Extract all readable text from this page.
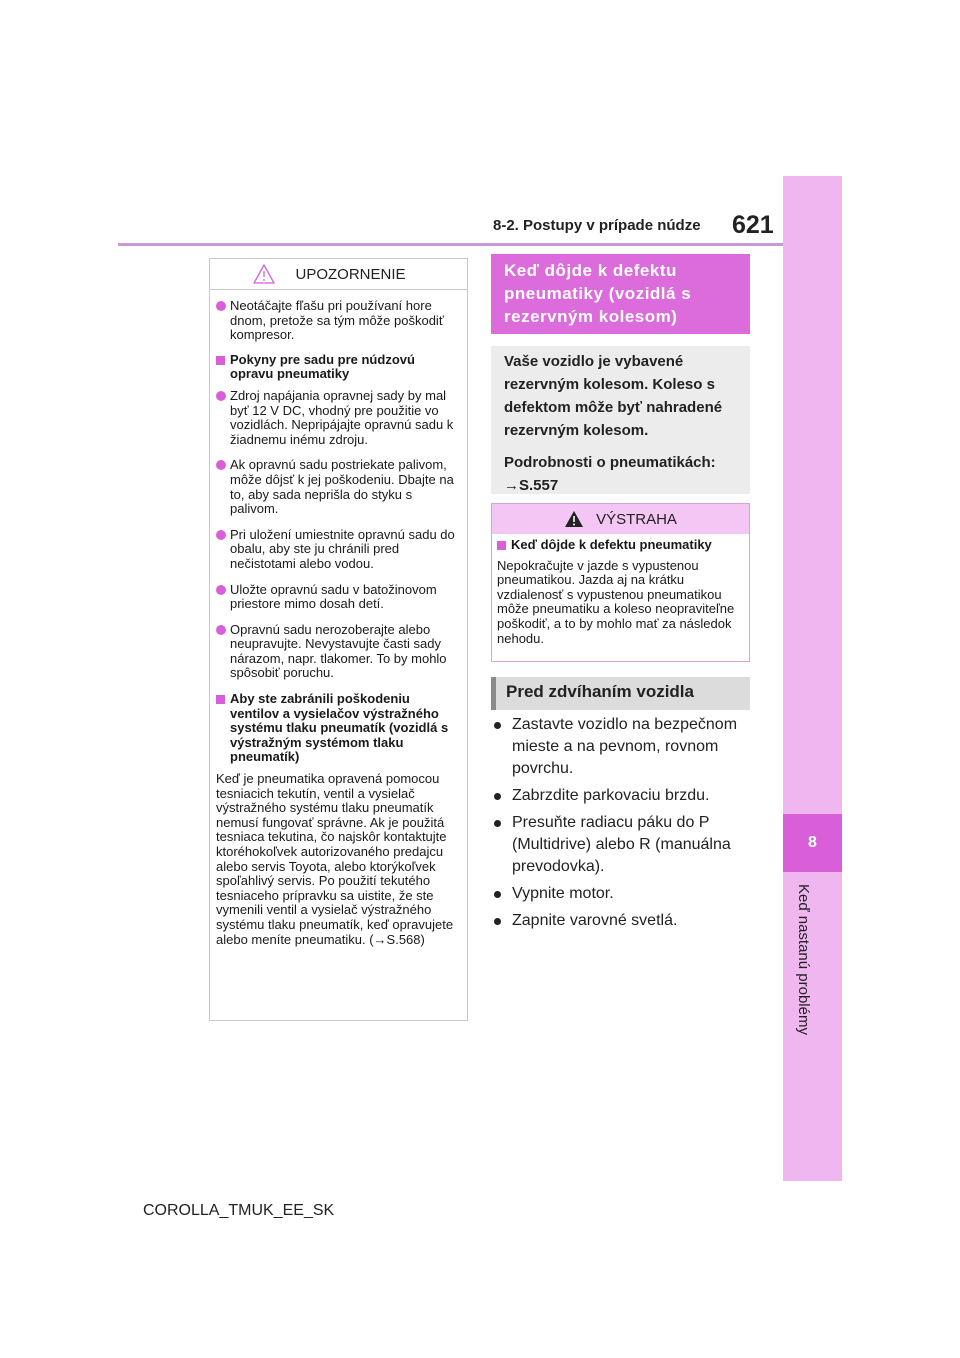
8
Keď nastanú problémy
8-2. Postupy v prípade núdze 621
UPOZORNENIE
Neotáčajte fľašu pri používaní hore dnom, pretože sa tým môže poškodiť kompresor.
Pokyny pre sadu pre núdzovú opravu pneumatiky
Zdroj napájania opravnej sady by mal byť 12 V DC, vhodný pre použitie vo vozidlách. Nepripájajte opravnú sadu k žiadnemu inému zdroju.
Ak opravnú sadu postriekate palivom, môže dôjsť k jej poškodeniu. Dbajte na to, aby sada neprišla do styku s palivom.
Pri uložení umiestnite opravnú sadu do obalu, aby ste ju chránili pred nečistotami alebo vodou.
Uložte opravnú sadu v batožinovom priestore mimo dosah detí.
Opravnú sadu nerozoberajte alebo neupravujte. Nevystavujte časti sady nárazom, napr. tlakomer. To by mohlo spôsobiť poruchu.
Aby ste zabránili poškodeniu ventilov a vysielačov výstražného systému tlaku pneumatík (vozidlá s výstražným systémom tlaku pneumatík)

Keď je pneumatika opravená pomocou tesniacich tekutín, ventil a vysielač výstražného systému tlaku pneumatík nemusí fungovať správne. Ak je použitá tesniaca tekutina, čo najskôr kontaktujte ktoréhokoľvek autorizovaného predajcu alebo servis Toyota, alebo ktorýkoľvek spoľahlivý servis. Po použití tekutého tesniaceho prípravku sa uistite, že ste vymenili ventil a vysielač výstražného systému tlaku pneumatík, keď opravujete alebo meníte pneumatiku. (→S.568)

Keď dôjde k defektu pneumatiky (vozidlá s rezervným kolesom)

Vaše vozidlo je vybavené rezervným kolesom. Koleso s defektom môže byť nahradené rezervným kolesom.

Podrobnosti o pneumatikách:

→S.557

VÝSTRAHA
Keď dôjde k defektu pneumatiky

Nepokračujte v jazde s vypustenou pneumatikou. Jazda aj na krátku vzdialenosť s vypustenou pneumatikou môže pneumatiku a koleso neopraviteľne poškodiť, a to by mohlo mať za následok nehodu.

Pred zdvíhaním vozidla
Zastavte vozidlo na bezpečnom mieste a na pevnom, rovnom povrchu.
Zabrzdite parkovaciu brzdu.
Presuňte radiacu páku do P (Multidrive) alebo R (manuálna prevodovka).
Vypnite motor.
Zapnite varovné svetlá.
COROLLA_TMUK_EE_SK
